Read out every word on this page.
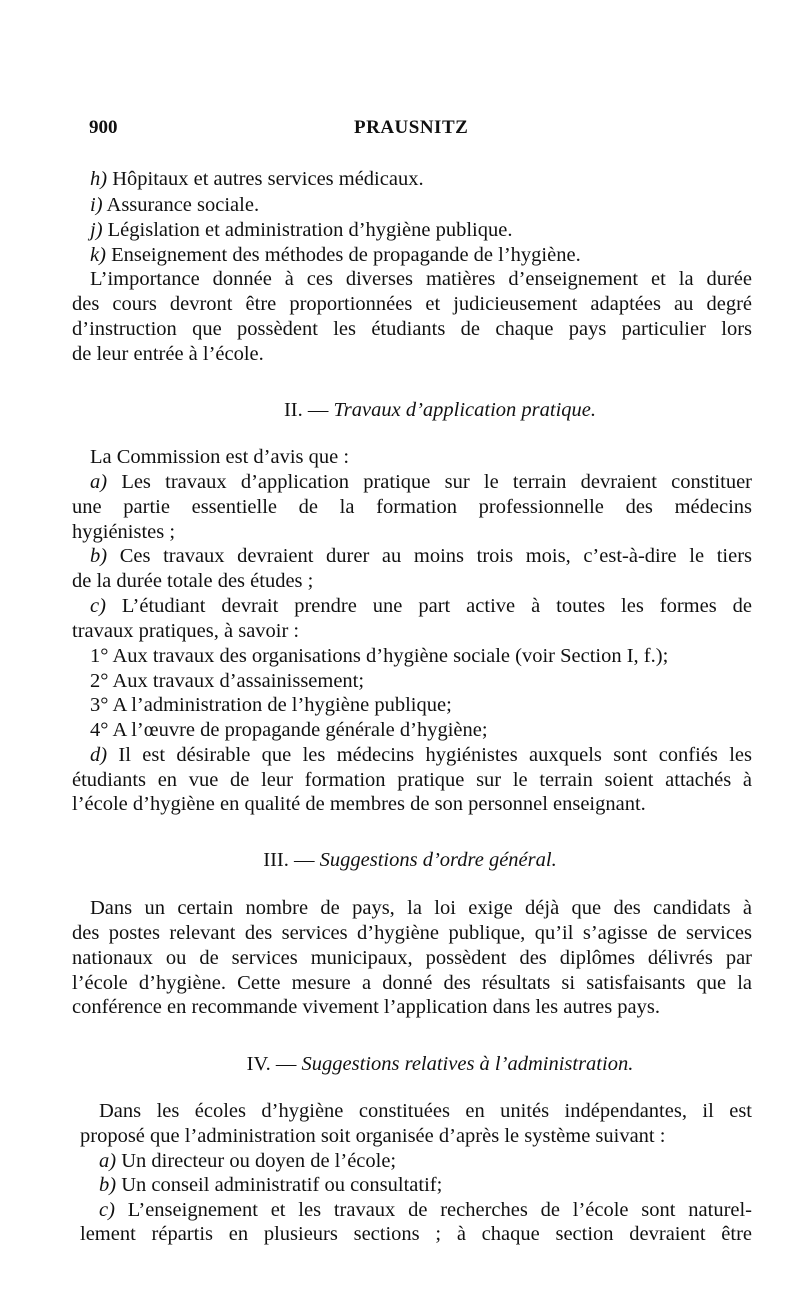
900	PRAUSNITZ
h) Hôpitaux et autres services médicaux.
i) Assurance sociale.
j) Législation et administration d’hygiène publique.
k) Enseignement des méthodes de propagande de l’hygiène.
L’importance donnée à ces diverses matières d’enseignement et la durée
des cours devront être proportionnées et judicieusement adaptées au degré
d’instruction que possèdent les étudiants de chaque pays particulier lors
de leur entrée à l’école.
II. — Travaux d’application pratique.
La Commission est d’avis que :
a) Les travaux d’application pratique sur le terrain devraient constituer
une partie essentielle de la formation professionnelle des médecins
hygiénistes ;
b) Ces travaux devraient durer au moins trois mois, c’est-à-dire le tiers
de la durée totale des études ;
c) L’étudiant devrait prendre une part active à toutes les formes de
travaux pratiques, à savoir :
1° Aux travaux des organisations d’hygiène sociale (voir Section I, f.);
2° Aux travaux d’assainissement;
3° A l’administration de l’hygiène publique;
4° A l’œuvre de propagande générale d’hygiène;
d) Il est désirable que les médecins hygiénistes auxquels sont confiés les
étudiants en vue de leur formation pratique sur le terrain soient attachés à
l’école d’hygiène en qualité de membres de son personnel enseignant.
III. — Suggestions d’ordre général.
Dans un certain nombre de pays, la loi exige déjà que des candidats à
des postes relevant des services d’hygiène publique, qu’il s’agisse de services
nationaux ou de services municipaux, possèdent des diplômes délivrés par
l’école d’hygiène. Cette mesure a donné des résultats si satisfaisants que la
conférence en recommande vivement l’application dans les autres pays.
IV. — Suggestions relatives à l’administration.
Dans les écoles d’hygiène constituées en unités indépendantes, il est
proposé que l’administration soit organisée d’après le système suivant :
a) Un directeur ou doyen de l’école;
b) Un conseil administratif ou consultatif;
c) L’enseignement et les travaux de recherches de l’école sont naturel-
lement répartis en plusieurs sections ; à chaque section devraient être
